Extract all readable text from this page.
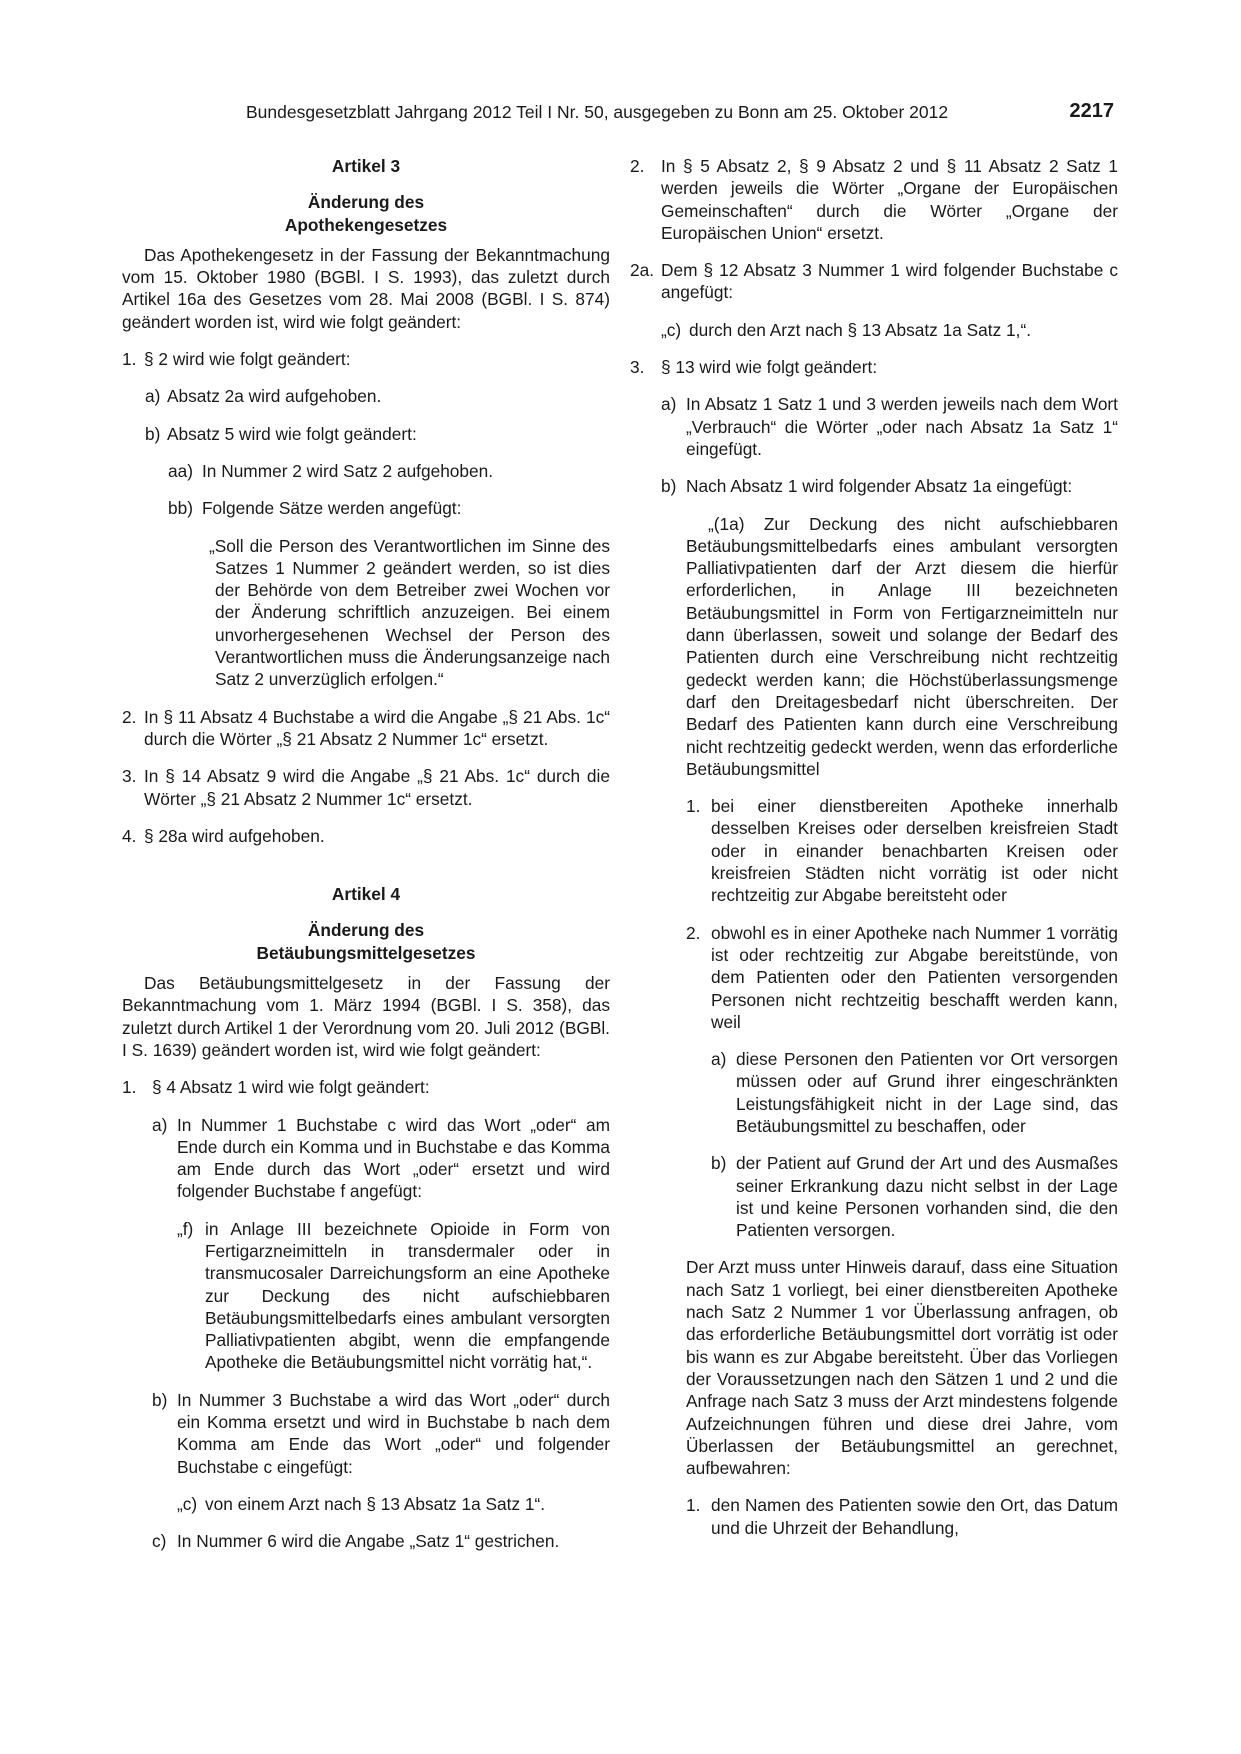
Bundesgesetzblatt Jahrgang 2012 Teil I Nr. 50, ausgegeben zu Bonn am 25. Oktober 2012	2217

Artikel 3

Änderung des

Apothekengesetzes

Das Apothekengesetz in der Fassung der Bekanntmachung vom 15. Oktober 1980 (BGBl. I S. 1993), das zuletzt durch Artikel 16a des Gesetzes vom 28. Mai 2008 (BGBl. I S. 874) geändert worden ist, wird wie folgt geändert:

1. § 2 wird wie folgt geändert:

a) Absatz 2a wird aufgehoben.

b) Absatz 5 wird wie folgt geändert:

aa) In Nummer 2 wird Satz 2 aufgehoben.

bb) Folgende Sätze werden angefügt:

„Soll die Person des Verantwortlichen im Sinne des Satzes 1 Nummer 2 geändert werden, so ist dies der Behörde von dem Betreiber zwei Wochen vor der Änderung schriftlich anzuzeigen. Bei einem unvorhergesehenen Wechsel der Person des Verantwortlichen muss die Änderungsanzeige nach Satz 2 unverzüglich erfolgen.“

2. In § 11 Absatz 4 Buchstabe a wird die Angabe „§ 21 Abs. 1c“ durch die Wörter „§ 21 Absatz 2 Nummer 1c“ ersetzt.

3. In § 14 Absatz 9 wird die Angabe „§ 21 Abs. 1c“ durch die Wörter „§ 21 Absatz 2 Nummer 1c“ ersetzt.

4. § 28a wird aufgehoben.

Artikel 4

Änderung des

Betäubungsmittelgesetzes

Das Betäubungsmittelgesetz in der Fassung der Bekanntmachung vom 1. März 1994 (BGBl. I S. 358), das zuletzt durch Artikel 1 der Verordnung vom 20. Juli 2012 (BGBl. I S. 1639) geändert worden ist, wird wie folgt geändert:

1. § 4 Absatz 1 wird wie folgt geändert:

a) In Nummer 1 Buchstabe c wird das Wort „oder“ am Ende durch ein Komma und in Buchstabe e das Komma am Ende durch das Wort „oder“ ersetzt und wird folgender Buchstabe f angefügt:

„f) in Anlage III bezeichnete Opioide in Form von Fertigarzneimitteln in transdermaler oder in transmucosaler Darreichungsform an eine Apotheke zur Deckung des nicht aufschiebbaren Betäubungsmittelbedarfs eines ambulant versorgten Palliativpatienten abgibt, wenn die empfangende Apotheke die Betäubungsmittel nicht vorrätig hat,“.

b) In Nummer 3 Buchstabe a wird das Wort „oder“ durch ein Komma ersetzt und wird in Buchstabe b nach dem Komma am Ende das Wort „oder“ und folgender Buchstabe c eingefügt:

„c) von einem Arzt nach § 13 Absatz 1a Satz 1“.

c) In Nummer 6 wird die Angabe „Satz 1“ gestrichen.

2. In § 5 Absatz 2, § 9 Absatz 2 und § 11 Absatz 2 Satz 1 werden jeweils die Wörter „Organe der Europäischen Gemeinschaften“ durch die Wörter „Organe der Europäischen Union“ ersetzt.

2a. Dem § 12 Absatz 3 Nummer 1 wird folgender Buchstabe c angefügt:

„c) durch den Arzt nach § 13 Absatz 1a Satz 1,“.

3. § 13 wird wie folgt geändert:

a) In Absatz 1 Satz 1 und 3 werden jeweils nach dem Wort „Verbrauch“ die Wörter „oder nach Absatz 1a Satz 1“ eingefügt.

b) Nach Absatz 1 wird folgender Absatz 1a eingefügt:

„(1a) Zur Deckung des nicht aufschiebbaren Betäubungsmittelbedarfs eines ambulant versorgten Palliativpatienten darf der Arzt diesem die hierfür erforderlichen, in Anlage III bezeichneten Betäubungsmittel in Form von Fertigarzneimitteln nur dann überlassen, soweit und solange der Bedarf des Patienten durch eine Verschreibung nicht rechtzeitig gedeckt werden kann; die Höchstüberlassungsmenge darf den Dreitagesbedarf nicht überschreiten. Der Bedarf des Patienten kann durch eine Verschreibung nicht rechtzeitig gedeckt werden, wenn das erforderliche Betäubungsmittel

1. bei einer dienstbereiten Apotheke innerhalb desselben Kreises oder derselben kreisfreien Stadt oder in einander benachbarten Kreisen oder kreisfreien Städten nicht vorrätig ist oder nicht rechtzeitig zur Abgabe bereitsteht oder

2. obwohl es in einer Apotheke nach Nummer 1 vorrätig ist oder rechtzeitig zur Abgabe bereitstünde, von dem Patienten oder den Patienten versorgenden Personen nicht rechtzeitig beschafft werden kann, weil

a) diese Personen den Patienten vor Ort versorgen müssen oder auf Grund ihrer eingeschränkten Leistungsfähigkeit nicht in der Lage sind, das Betäubungsmittel zu beschaffen, oder

b) der Patient auf Grund der Art und des Ausmaßes seiner Erkrankung dazu nicht selbst in der Lage ist und keine Personen vorhanden sind, die den Patienten versorgen.

Der Arzt muss unter Hinweis darauf, dass eine Situation nach Satz 1 vorliegt, bei einer dienstbereiten Apotheke nach Satz 2 Nummer 1 vor Überlassung anfragen, ob das erforderliche Betäubungsmittel dort vorrätig ist oder bis wann es zur Abgabe bereitsteht. Über das Vorliegen der Voraussetzungen nach den Sätzen 1 und 2 und die Anfrage nach Satz 3 muss der Arzt mindestens folgende Aufzeichnungen führen und diese drei Jahre, vom Überlassen der Betäubungsmittel an gerechnet, aufbewahren:

1. den Namen des Patienten sowie den Ort, das Datum und die Uhrzeit der Behandlung,
